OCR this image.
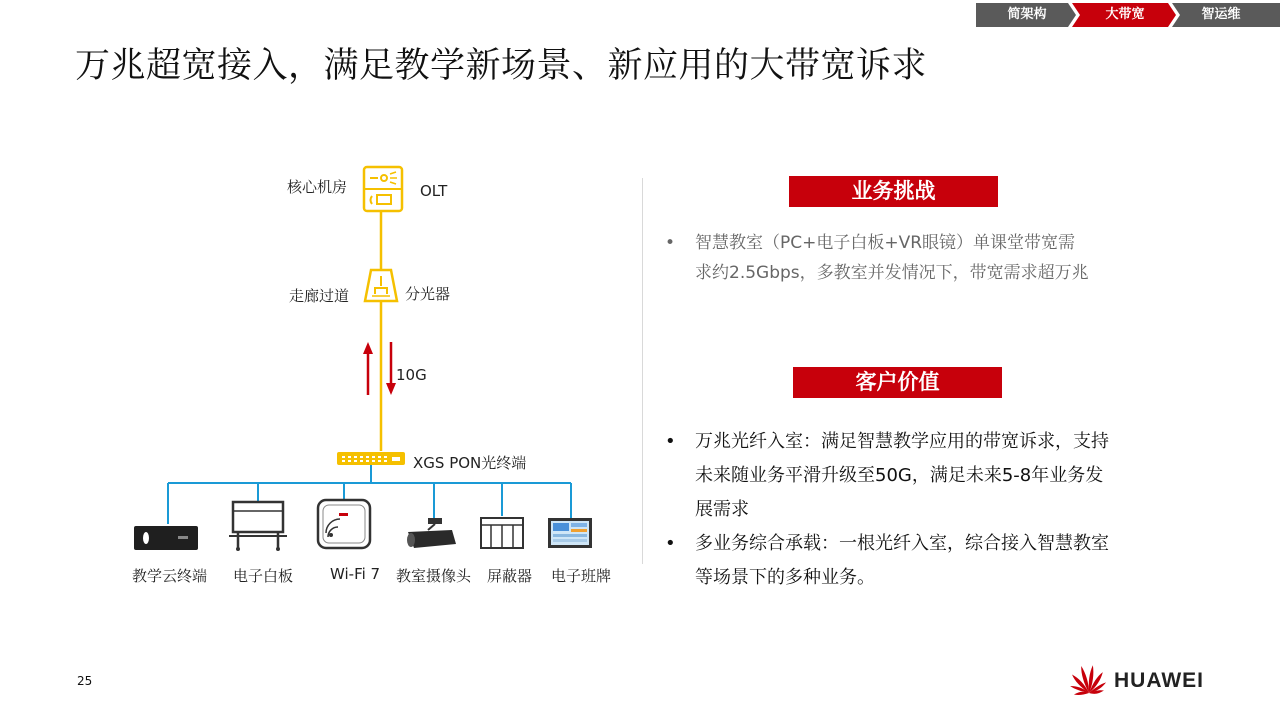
简架构	大带宽	智运维
万兆超宽接入，满足教学新场景、新应用的大带宽诉求
核心机房	OLT
走廊过道	分光器
10G
XGS PON光终端
教学云终端 电子白板 Wi-Fi 7 教室摄像头 屏蔽器 电子班牌
业务挑战
• 智慧教室（PC+电子白板+VR眼镜）单课堂带宽需
求约2.5Gbps，多教室并发情况下，带宽需求超万兆
客户价值
• 万兆光纤入室：满足智慧教学应用的带宽诉求，支持
未来随业务平滑升级至50G，满足未来5-8年业务发
展需求
• 多业务综合承载：一根光纤入室，综合接入智慧教室
等场景下的多种业务。
25	HUAWEI
